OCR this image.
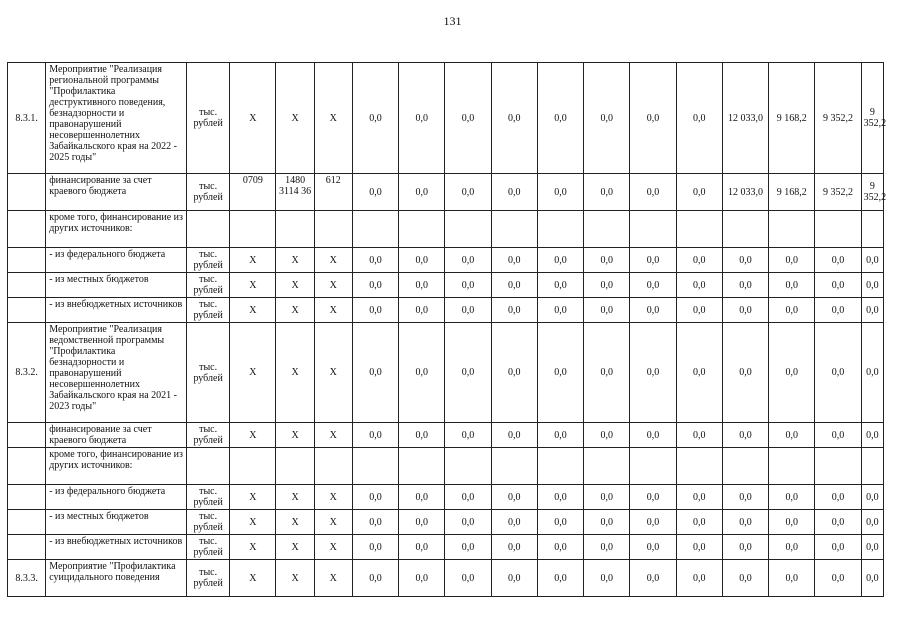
131
8.3.1.	Мероприятие "Реализация региональной программы "Профилактика деструктивного поведения, безнадзорности и правонарушений несовершеннолетних Забайкальского края на 2022 - 2025 годы"	тыс. рублей	X	X	X	0,0	0,0	0,0	0,0	0,0	0,0	0,0	0,0	12 033,0	9 168,2	9 352,2	9 352,2
	финансирование за счет краевого бюджета	тыс. рублей	0709	1480 3114 36	612	0,0	0,0	0,0	0,0	0,0	0,0	0,0	0,0	12 033,0	9 168,2	9 352,2	9 352,2
	кроме того, финансирование из других источников:																
	- из федерального бюджета	тыс. рублей	X	X	X	0,0	0,0	0,0	0,0	0,0	0,0	0,0	0,0	0,0	0,0	0,0	0,0
	- из местных бюджетов	тыс. рублей	X	X	X	0,0	0,0	0,0	0,0	0,0	0,0	0,0	0,0	0,0	0,0	0,0	0,0
	- из внебюджетных источников	тыс. рублей	X	X	X	0,0	0,0	0,0	0,0	0,0	0,0	0,0	0,0	0,0	0,0	0,0	0,0
8.3.2.	Мероприятие "Реализация ведомственной программы "Профилактика безнадзорности и правонарушений несовершеннолетних Забайкальского края на 2021 - 2023 годы"	тыс. рублей	X	X	X	0,0	0,0	0,0	0,0	0,0	0,0	0,0	0,0	0,0	0,0	0,0	0,0
	финансирование за счет краевого бюджета	тыс. рублей	X	X	X	0,0	0,0	0,0	0,0	0,0	0,0	0,0	0,0	0,0	0,0	0,0	0,0
	кроме того, финансирование из других источников:																
	- из федерального бюджета	тыс. рублей	X	X	X	0,0	0,0	0,0	0,0	0,0	0,0	0,0	0,0	0,0	0,0	0,0	0,0
	- из местных бюджетов	тыс. рублей	X	X	X	0,0	0,0	0,0	0,0	0,0	0,0	0,0	0,0	0,0	0,0	0,0	0,0
	- из внебюджетных источников	тыс. рублей	X	X	X	0,0	0,0	0,0	0,0	0,0	0,0	0,0	0,0	0,0	0,0	0,0	0,0
8.3.3.	Мероприятие "Профилактика суицидального поведения	тыс. рублей	X	X	X	0,0	0,0	0,0	0,0	0,0	0,0	0,0	0,0	0,0	0,0	0,0	0,0
